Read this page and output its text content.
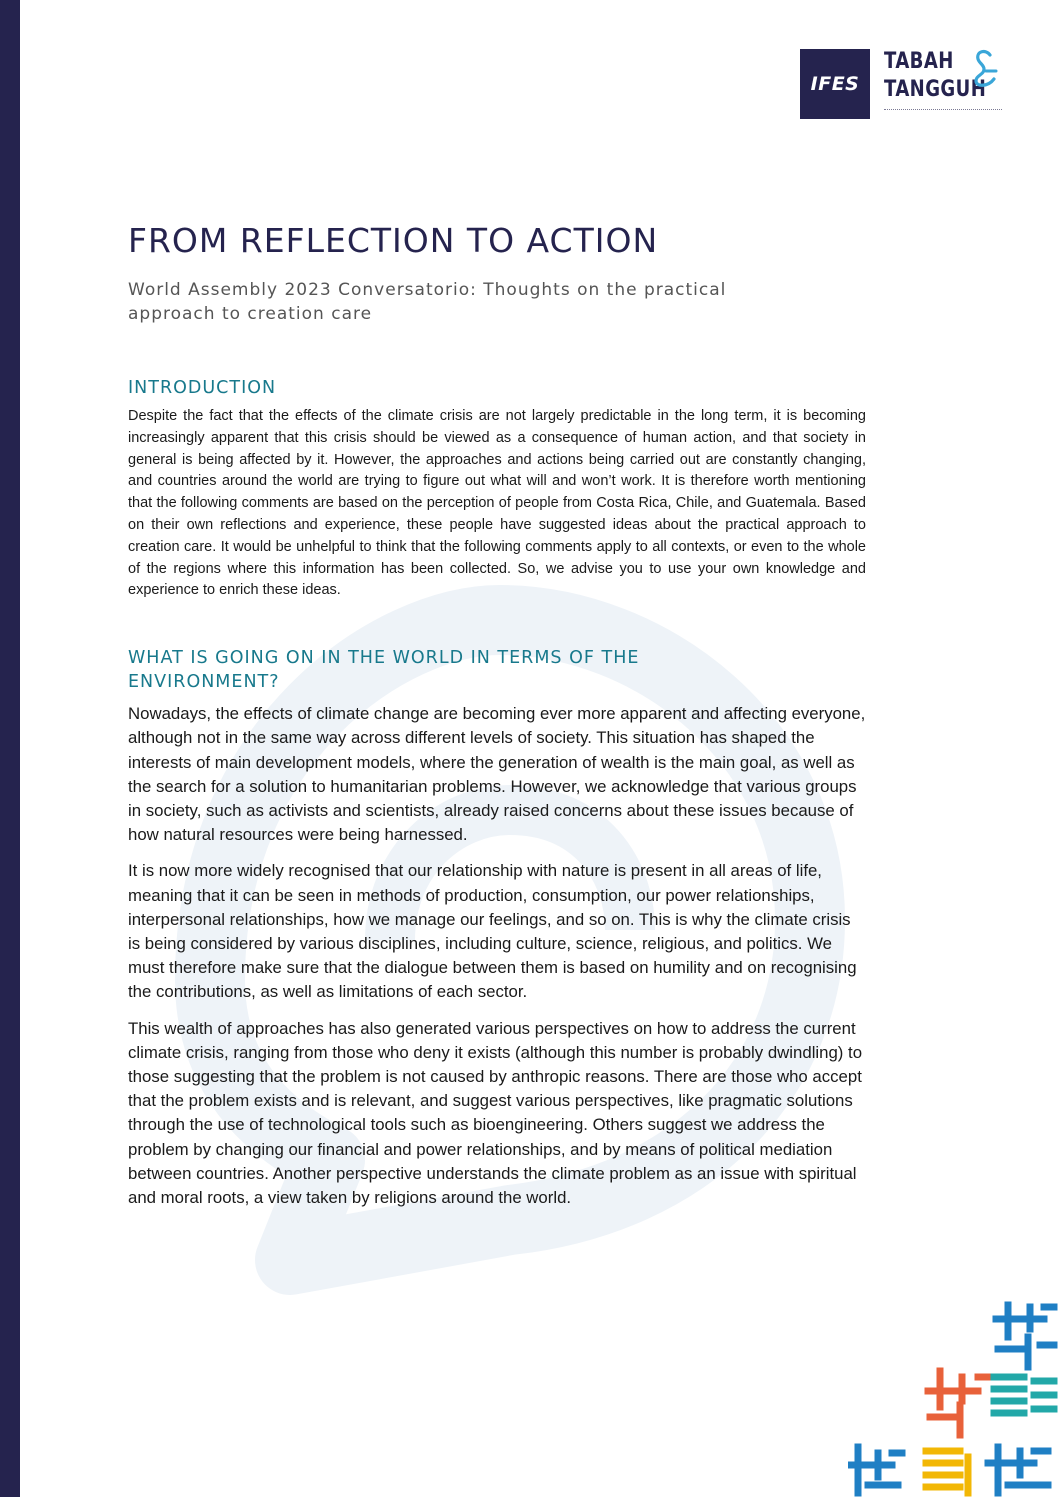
IFES
TABAH
TANGGUH
FROM REFLECTION TO ACTION

World Assembly 2023 Conversatorio: Thoughts on the practical approach to creation care

INTRODUCTION

Despite the fact that the effects of the climate crisis are not largely predictable in the long term, it is becoming increasingly apparent that this crisis should be viewed as a consequence of human action, and that society in general is being affected by it. However, the approaches and actions being carried out are constantly changing, and countries around the world are trying to figure out what will and won’t work. It is therefore worth mentioning that the following comments are based on the perception of people from Costa Rica, Chile, and Guatemala. Based on their own reflections and experience, these people have suggested ideas about the practical approach to creation care. It would be unhelpful to think that the following comments apply to all contexts, or even to the whole of the regions where this information has been collected. So, we advise you to use your own knowledge and experience to enrich these ideas.

WHAT IS GOING ON IN THE WORLD IN TERMS OF THE ENVIRONMENT?

Nowadays, the effects of climate change are becoming ever more apparent and affecting everyone, although not in the same way across different levels of society. This situation has shaped the interests of main development models, where the generation of wealth is the main goal, as well as the search for a solution to humanitarian problems. However, we acknowledge that various groups in society, such as activists and scientists, already raised concerns about these issues because of how natural resources were being harnessed.

It is now more widely recognised that our relationship with nature is present in all areas of life, meaning that it can be seen in methods of production, consumption, our power relationships, interpersonal relationships, how we manage our feelings, and so on. This is why the climate crisis is being considered by various disciplines, including culture, science, religious, and politics. We must therefore make sure that the dialogue between them is based on humility and on recognising the contributions, as well as limitations of each sector.

This wealth of approaches has also generated various perspectives on how to address the current climate crisis, ranging from those who deny it exists (although this number is probably dwindling) to those suggesting that the problem is not caused by anthropic reasons. There are those who accept that the problem exists and is relevant, and suggest various perspectives, like pragmatic solutions through the use of technological tools such as bioengineering. Others suggest we address the problem by changing our financial and power relationships, and by means of political mediation between countries. Another perspective understands the climate problem as an issue with spiritual and moral roots, a view taken by religions around the world.
